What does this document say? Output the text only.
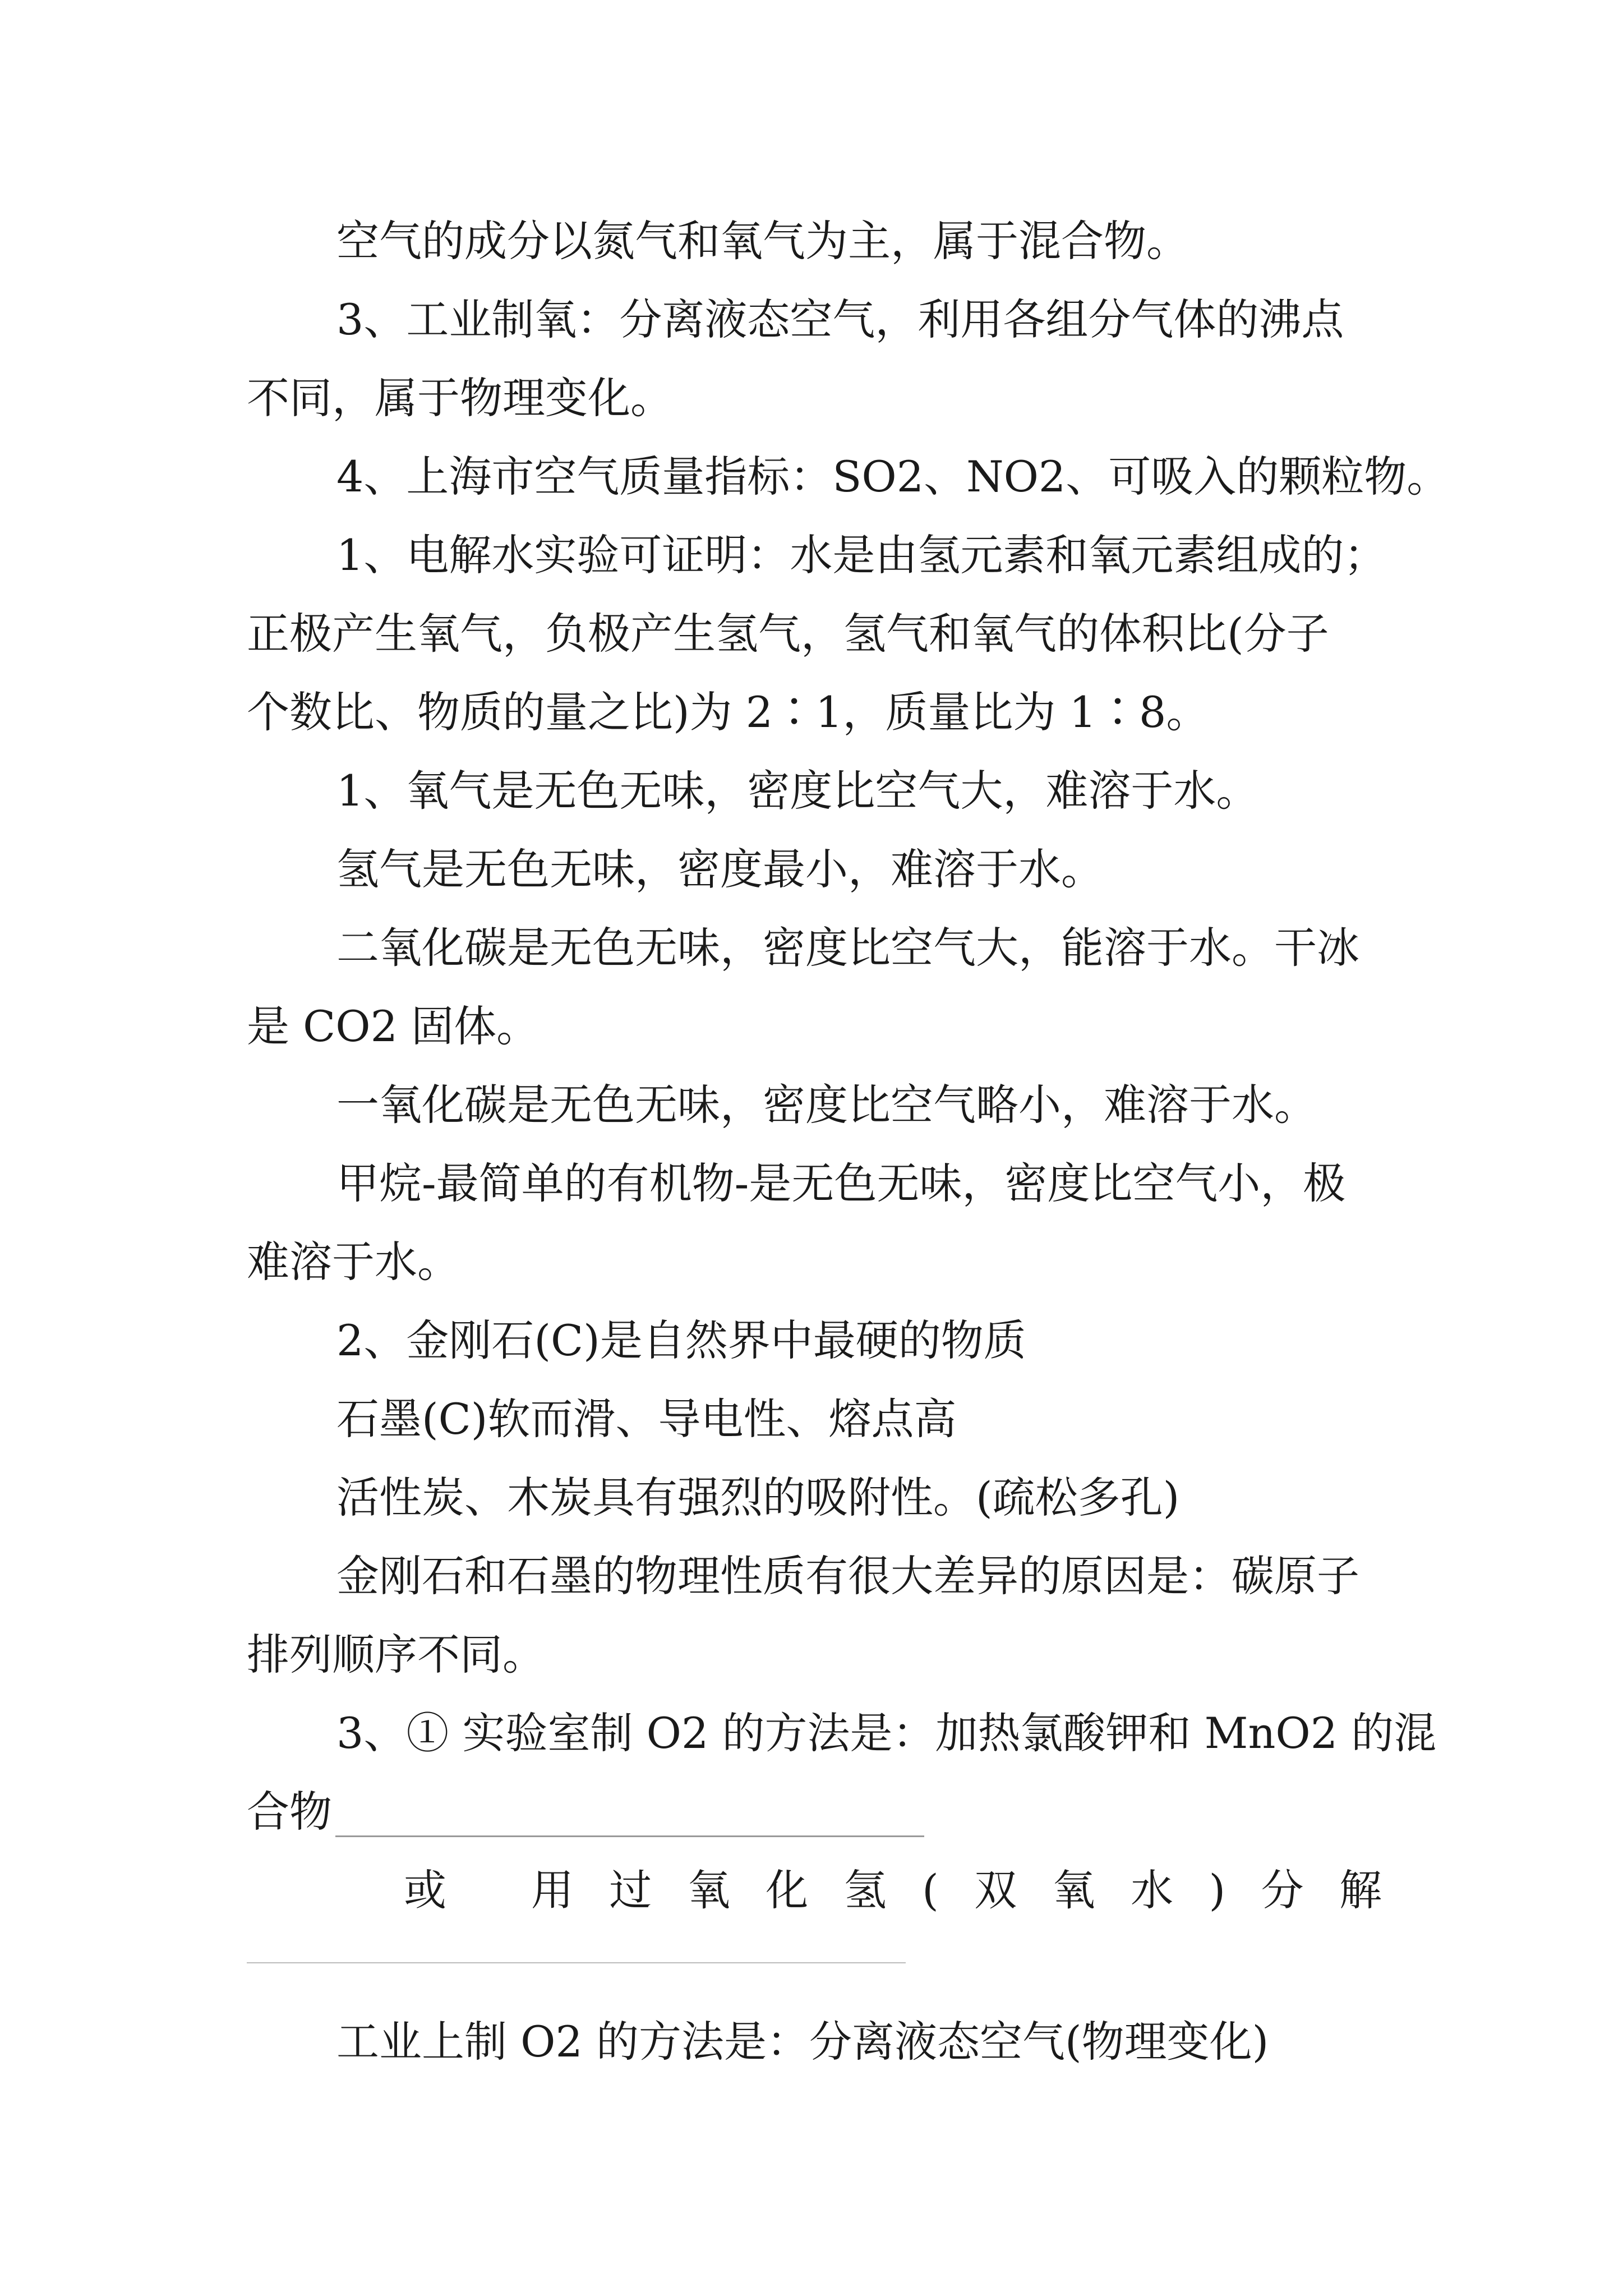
空气的成分以氮气和氧气为主，属于混合物。
3、工业制氧：分离液态空气，利用各组分气体的沸点
不同，属于物理变化。
4、上海市空气质量指标：SO2、NO2、可吸入的颗粒物。
1、电解水实验可证明：水是由氢元素和氧元素组成的；
正极产生氧气，负极产生氢气，氢气和氧气的体积比(分子
个数比、物质的量之比)为 2∶1，质量比为 1∶8。
1、氧气是无色无味，密度比空气大，难溶于水。
氢气是无色无味，密度最小，难溶于水。
二氧化碳是无色无味，密度比空气大，能溶于水。干冰
是 CO2 固体。
一氧化碳是无色无味，密度比空气略小，难溶于水。
甲烷-最简单的有机物-是无色无味，密度比空气小，极
难溶于水。
2、金刚石(C)是自然界中最硬的物质
石墨(C)软而滑、导电性、熔点高
活性炭、木炭具有强烈的吸附性。(疏松多孔)
金刚石和石墨的物理性质有很大差异的原因是：碳原子
排列顺序不同。
3、① 实验室制 O2 的方法是：加热氯酸钾和 MnO2 的混
合物
或 用过氧化氢(双氧水)分解
工业上制 O2 的方法是：分离液态空气(物理变化)
